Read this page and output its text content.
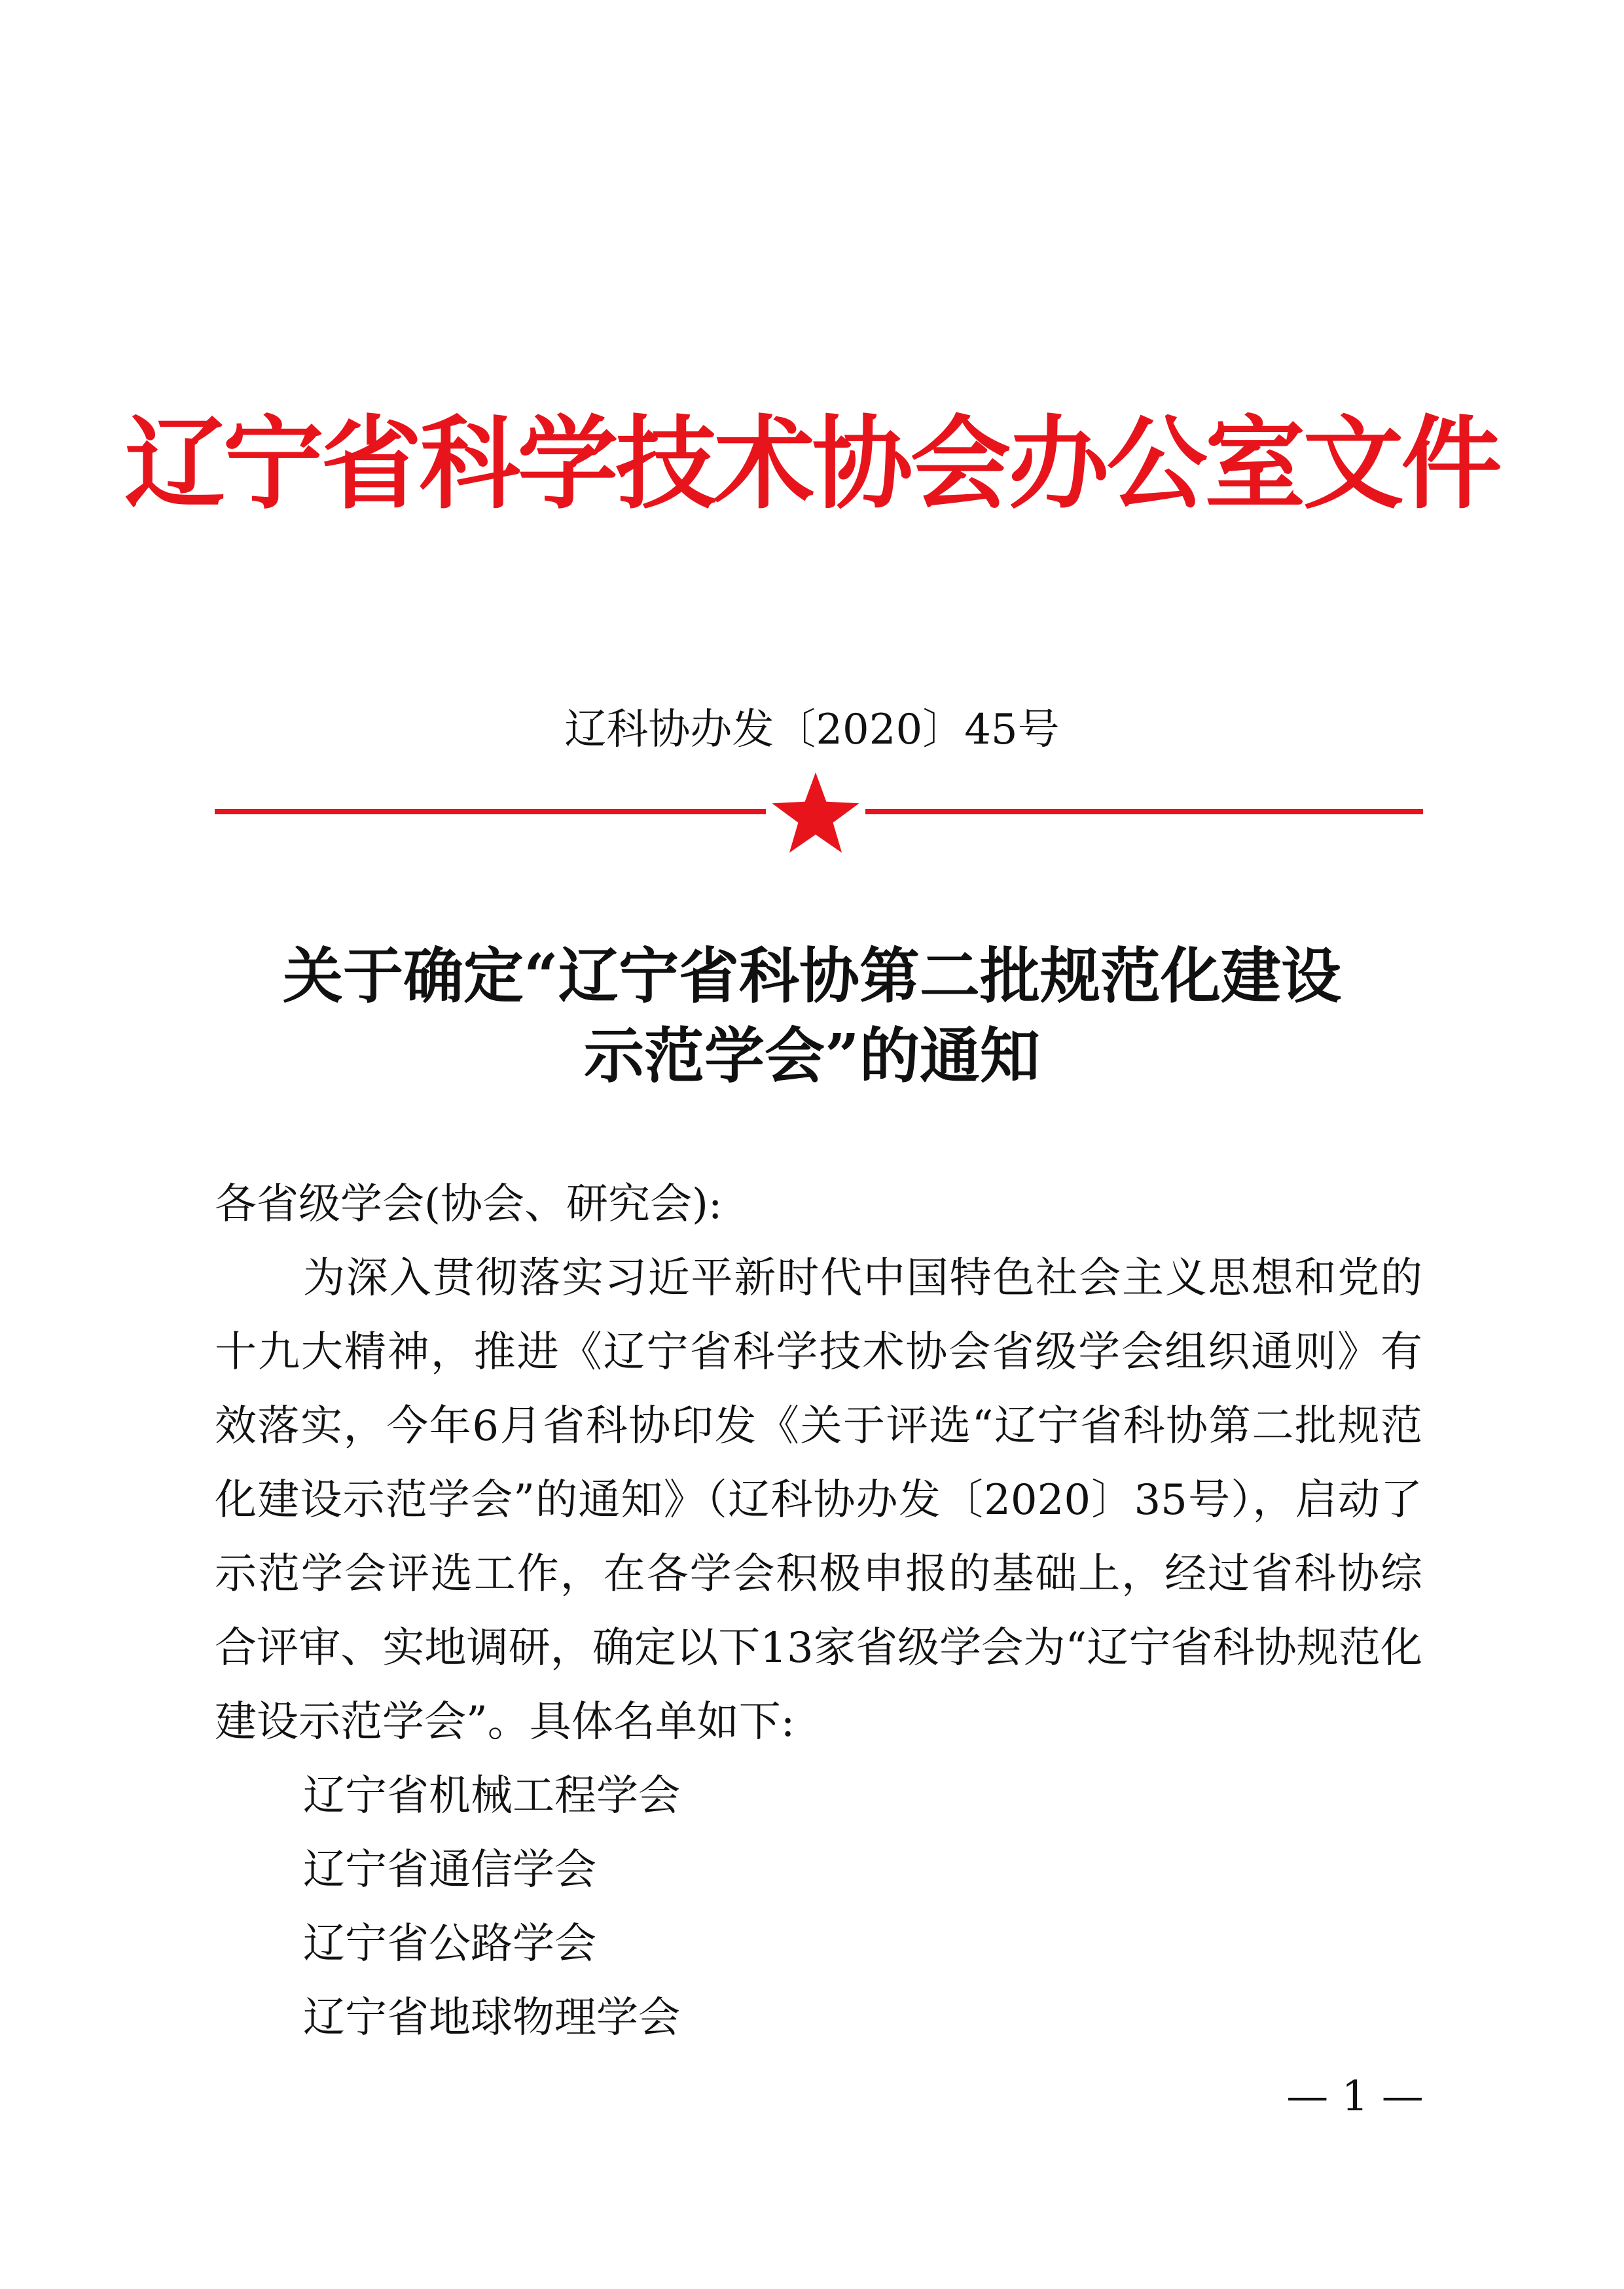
辽宁省科学技术协会办公室文件
辽科协办发〔2020〕45号
关于确定“辽宁省科协第二批规范化建设
示范学会”的通知
各省级学会(协会、研究会):
为深入贯彻落实习近平新时代中国特色社会主义思想和党的十九大精神，推进《辽宁省科学技术协会省级学会组织通则》有效落实，今年6月省科协印发《关于评选“辽宁省科协第二批规范化建设示范学会”的通知》（辽科协办发〔2020〕35号），启动了示范学会评选工作，在各学会积极申报的基础上，经过省科协综合评审、实地调研，确定以下13家省级学会为“辽宁省科协规范化建设示范学会”。具体名单如下:
辽宁省机械工程学会
辽宁省通信学会
辽宁省公路学会
辽宁省地球物理学会
— 1 —
